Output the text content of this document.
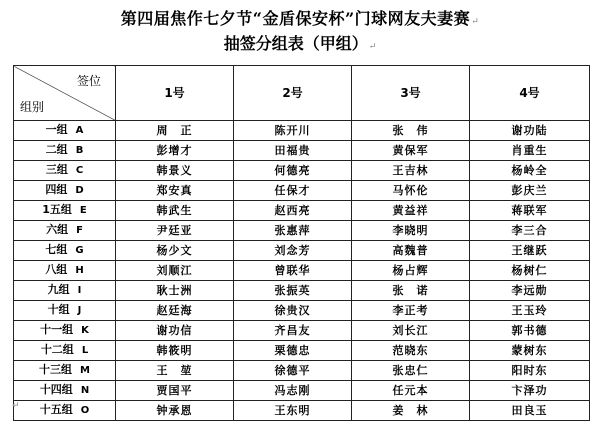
第四届焦作七夕节“金盾保安杯”门球网友夫妻赛↵
抽签分组表（甲组）↵
签位
组别	1号	2号	3号	4号
一组 A	周　正	陈开川	张　伟	谢功陆
二组 B	彭增才	田福贵	黄保军	肖重生
三组 C	韩景义	何德亮	王吉林	杨岭全
四组 D	郑安真	任保才	马怀伦	彭庆兰
1五组 E	韩武生	赵西亮	黄益祥	蒋联军
六组 F	尹廷亚	张惠萍	李晓明	李三合
七组 G	杨少文	刘念芳	高魏普	王继跃
八组 H	刘顺江	曾联华	杨占辉	杨树仁
九组 I	耿士洲	张振英	张　诺	李远勋
十组 J	赵廷海	徐贵汉	李正考	王玉玲
十一组 K	谢功信	齐昌友	刘长江	郭书德
十二组 L	韩筱明	栗德忠	范晓东	蒙树东
十三组 M	王　堃	徐德平	张忠仁	阳时东
十四组 N	贾国平	冯志刚	任元本	卞泽功
十五组 O	钟承恩	王东明	姜　林	田良玉
↵
